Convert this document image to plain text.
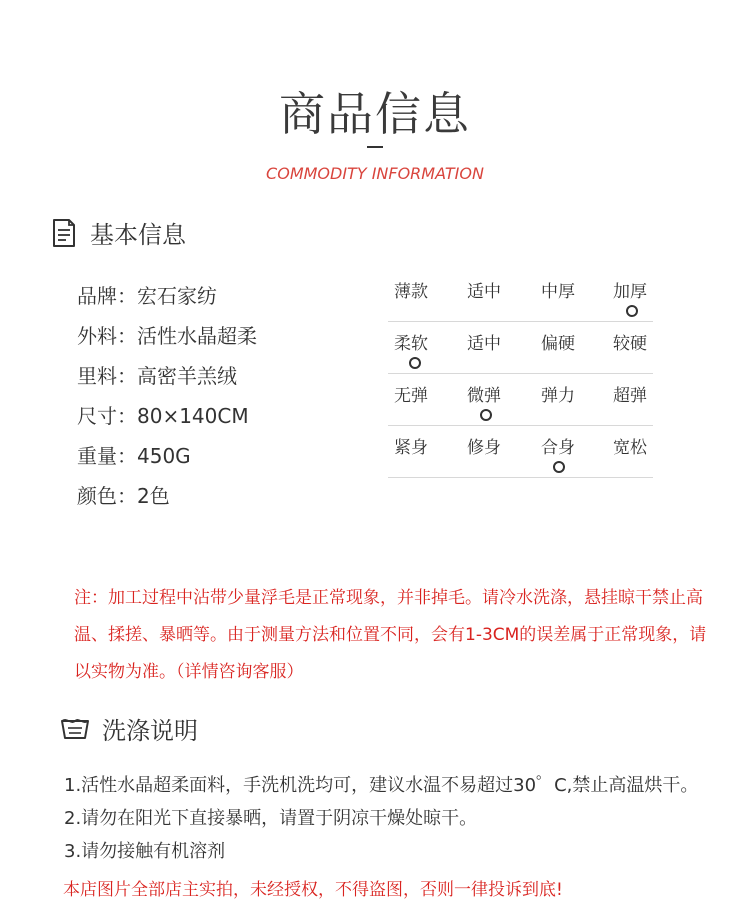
商品信息
COMMODITY INFORMATION
基本信息
品牌：宏石家纺
外料：活性水晶超柔
里料：高密羊羔绒
尺寸：80×140CM
重量：450G
颜色：2色
薄款	适中	中厚	加厚
柔软	适中	偏硬	较硬
无弹	微弹	弹力	超弹
紧身	修身	合身	宽松
注：加工过程中沾带少量浮毛是正常现象，并非掉毛。请冷水洗涤，悬挂晾干禁止高温、揉搓、暴晒等。由于测量方法和位置不同，会有1-3CM的误差属于正常现象，请以实物为准。（详情咨询客服）
洗涤说明
1.活性水晶超柔面料，手洗机洗均可，建议水温不易超过30゜C,禁止高温烘干。
2.请勿在阳光下直接暴晒，请置于阴凉干燥处晾干。
3.请勿接触有机溶剂
本店图片全部店主实拍，未经授权，不得盗图，否则一律投诉到底!
